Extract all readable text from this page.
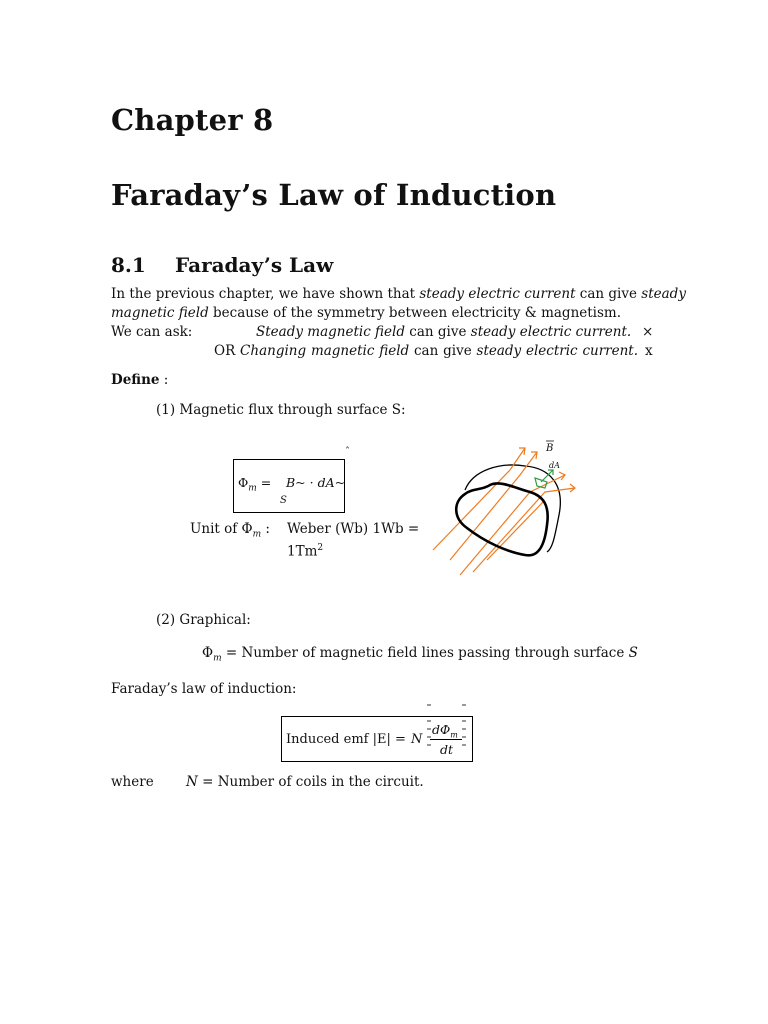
Chapter 8
Faraday’s Law of Induction
8.1 Faraday’s Law
In the previous chapter, we have shown that steady electric current can give steady
magnetic field because of the symmetry between electricity & magnetism.
We can ask:	Steady magnetic field can give steady electric current. ×
OR Changing magnetic field can give steady electric current. x
Define :
(1) Magnetic flux through surface S:
$\Phi_m$ = B~ · dA~
S
ˆ
Unit of $\Phi_m$ : Weber (Wb) 1Wb =
$1Tm^2$
B
dA
(2) Graphical:
$\Phi_m$ = Number of magnetic field lines passing through surface S
Faraday’s law of induction:
Induced emf |E| = N
$d\Phi_m$
dt
where N = Number of coils in the circuit.
